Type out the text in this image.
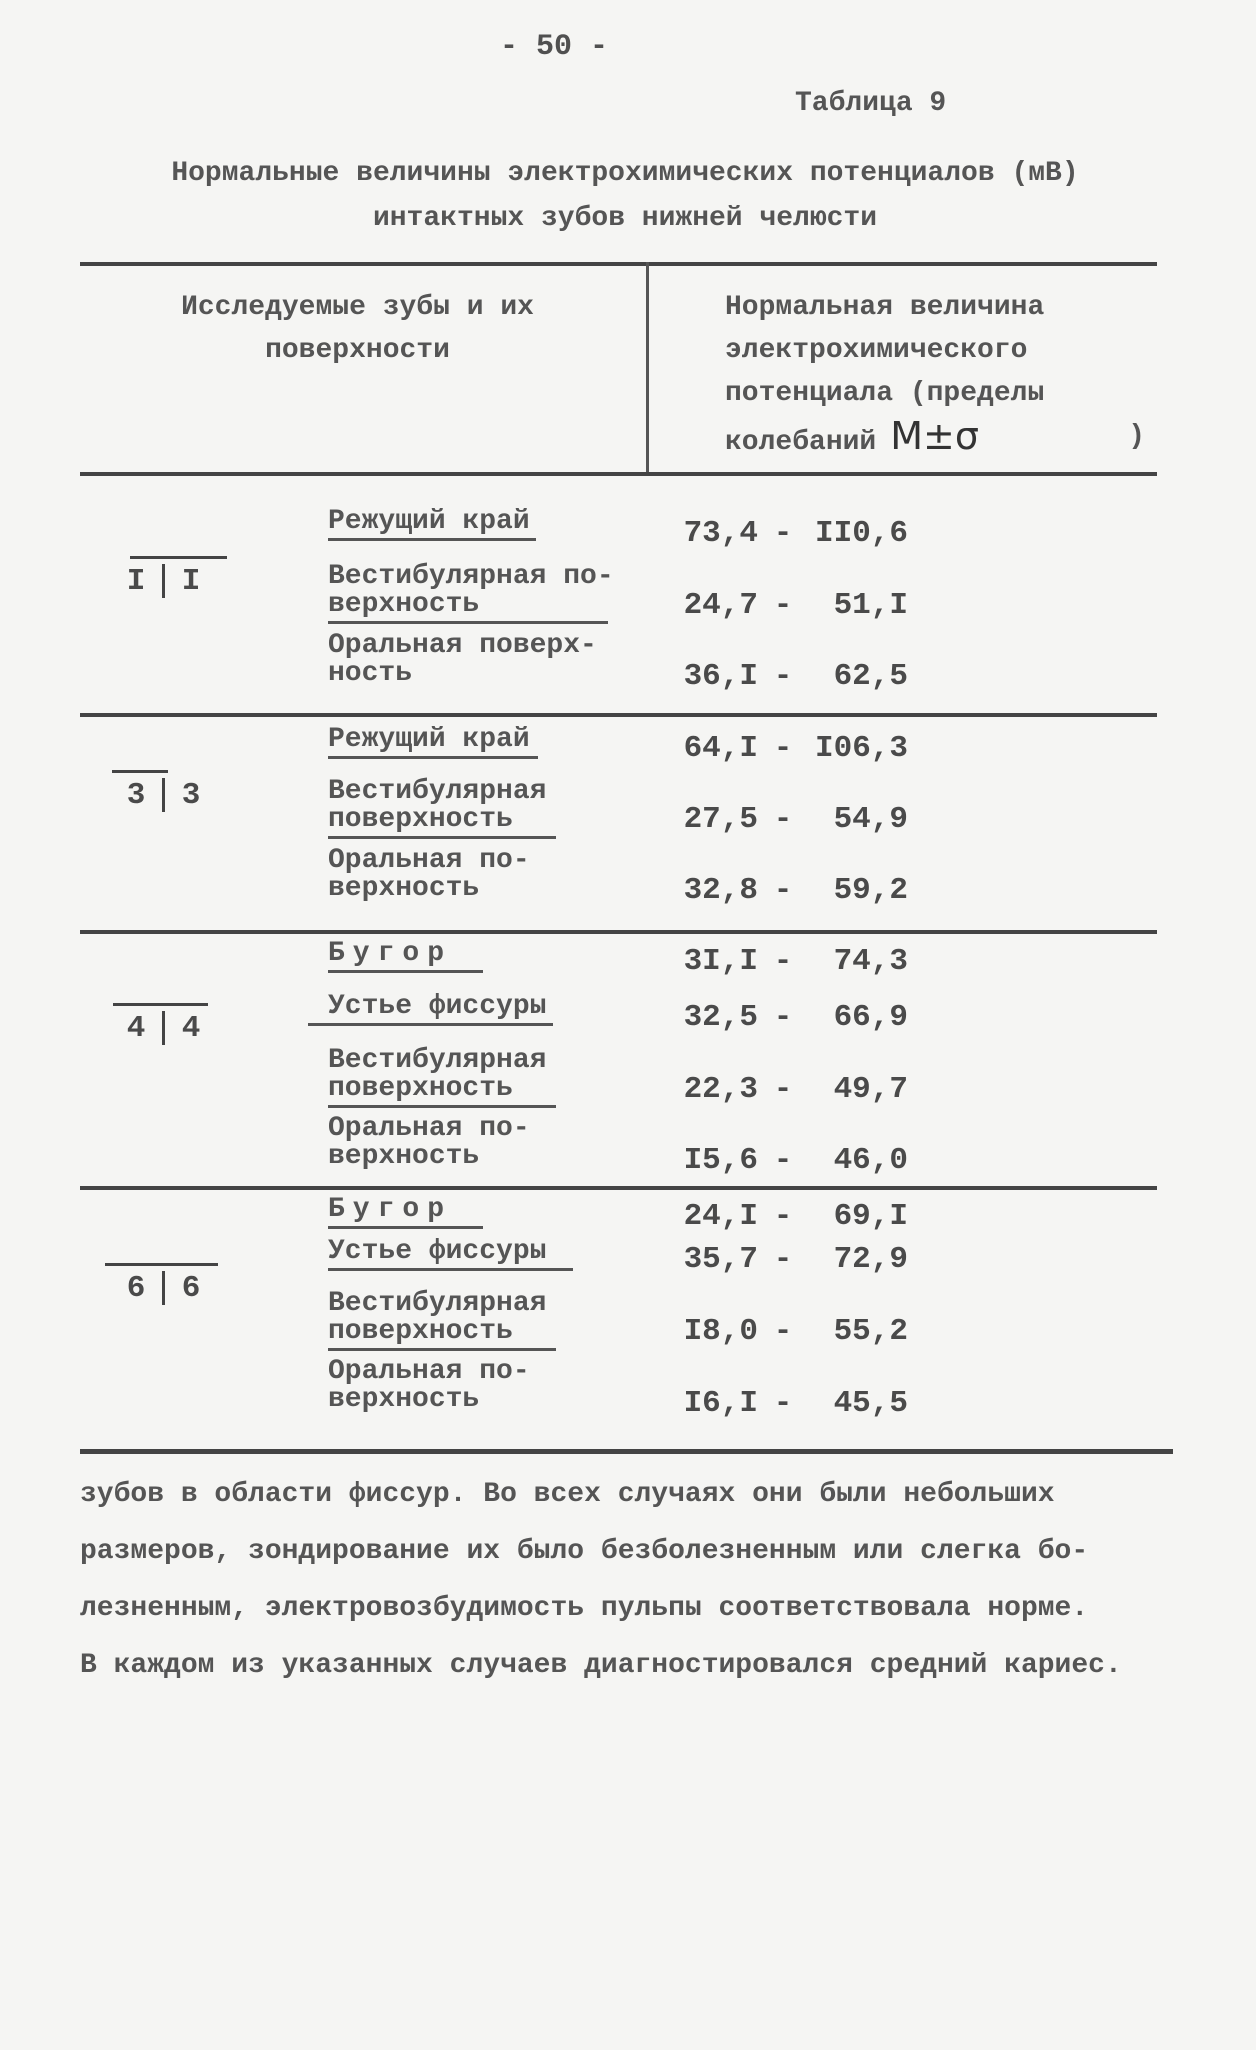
- 50 -
Таблица 9
Нормальные величины электрохимических потенциалов (мВ)
интактных зубов нижней челюсти
Исследуемые зубы и их
поверхности
Нормальная величина
электрохимического
потенциала (пределы
колебаний M±σ	)
I I
Режущий край	73,4 - II0,6
Вестибулярная по-
верхность	24,7 - 51,I
Оральная поверх-
ность	36,I - 62,5
3 3
Режущий край	64,I - I06,3
Вестибулярная
поверхность	27,5 - 54,9
Оральная по-
верхность	32,8 - 59,2
4 4
Бугор	3I,I - 74,3
Устье фиссуры	32,5 - 66,9
Вестибулярная
поверхность	22,3 - 49,7
Оральная по-
верхность	I5,6 - 46,0
6 6
Бугор	24,I - 69,I
Устье фиссуры	35,7 - 72,9
Вестибулярная
поверхность	I8,0 - 55,2
Оральная по-
верхность	I6,I - 45,5
зубов в области фиссур. Во всех случаях они были небольших
размеров, зондирование их было безболезненным или слегка бо-
лезненным, электровозбудимость пульпы соответствовала норме.
В каждом из указанных случаев диагностировался средний кариес.
